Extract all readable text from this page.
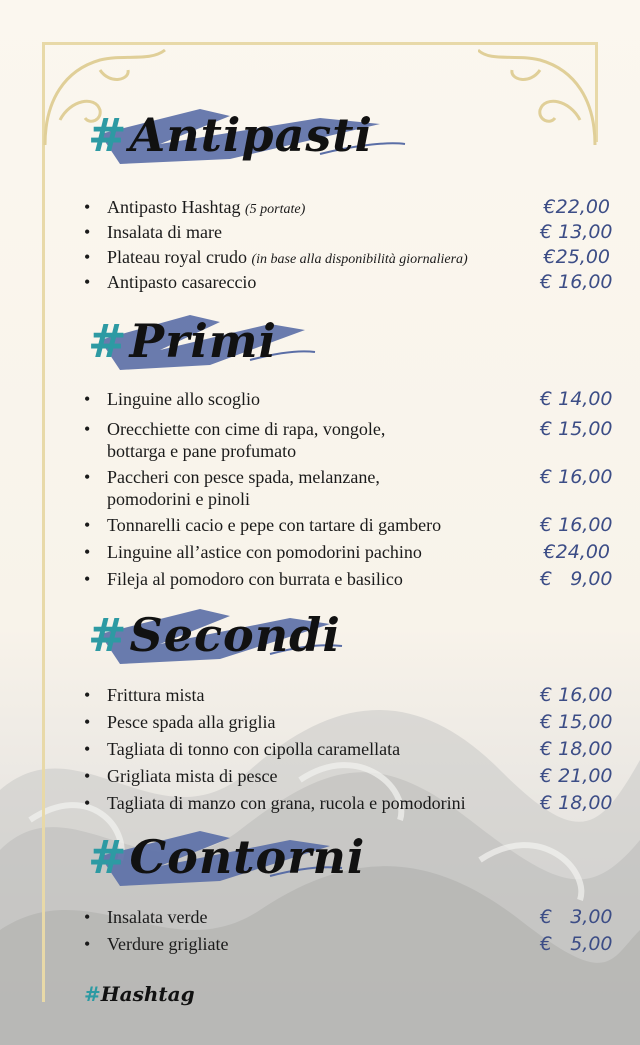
#Antipasti
• Antipasto Hashtag (5 portate)	€22,00
• Insalata di mare	€ 13,00
• Plateau royal crudo (in base alla disponibilità giornaliera)	€25,00
• Antipasto casareccio	€ 16,00
#Primi
• Linguine allo scoglio	€ 14,00
• Orecchiette con cime di rapa, vongole, bottarga e pane profumato
€ 15,00
• Paccheri con pesce spada, melanzane, pomodorini e pinoli
€ 16,00
• Tonnarelli cacio e pepe con tartare di gambero	€ 16,00
• Linguine all’astice con pomodorini pachino	€24,00
• Fileja al pomodoro con burrata e basilico	€   9,00
#Secondi
• Frittura mista	€ 16,00
• Pesce spada alla griglia	€ 15,00
• Tagliata di tonno con cipolla caramellata	€ 18,00
• Grigliata mista di pesce	€ 21,00
• Tagliata di manzo con grana, rucola e pomodorini	€ 18,00
#Contorni
• Insalata verde	€   3,00
• Verdure grigliate	€   5,00
#Hashtag
